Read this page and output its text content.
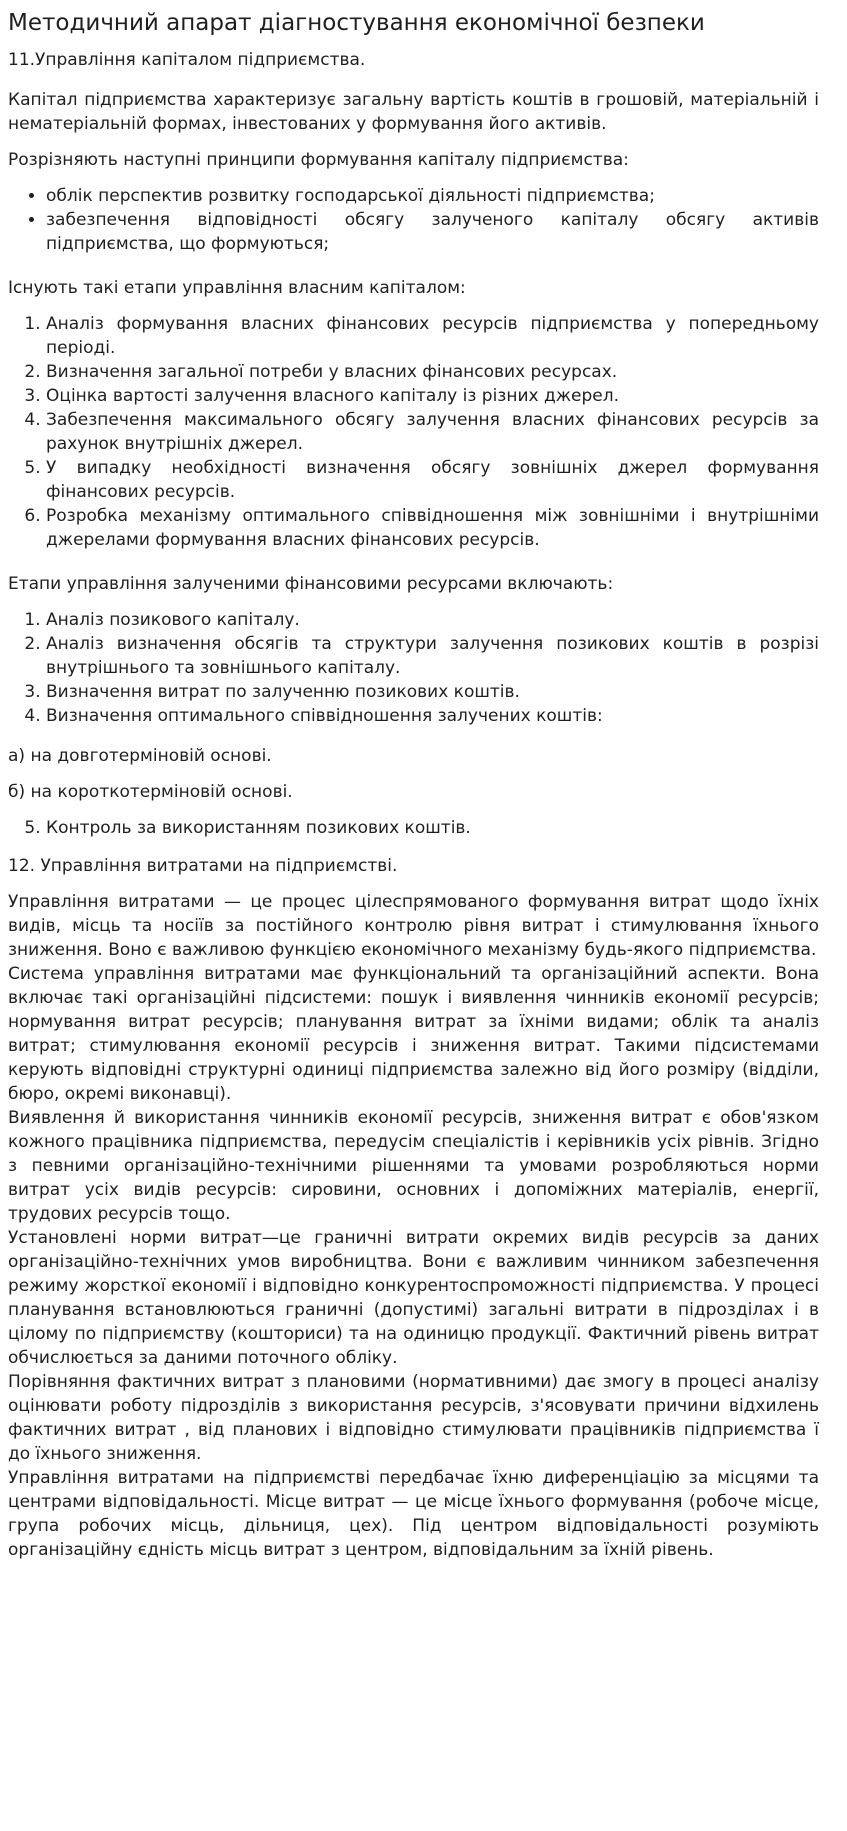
Методичний апарат діагностування економічної безпеки

11.Управління капіталом підприємства.

Капітал підприємства характеризує загальну вартість коштів в грошовій, матеріальній і нематеріальній формах, інвестованих у формування його активів.

Розрізняють наступні принципи формування капіталу підприємства:

• облік перспектив розвитку господарської діяльності підприємства;
• забезпечення відповідності обсягу залученого капіталу обсягу активів підприємства, що формуються;

Існують такі етапи управління власним капіталом:

1. Аналіз формування власних фінансових ресурсів підприємства у попередньому періоді.
2. Визначення загальної потреби у власних фінансових ресурсах.
3. Оцінка вартості залучення власного капіталу із різних джерел.
4. Забезпечення максимального обсягу залучення власних фінансових ресурсів за рахунок внутрішніх джерел.
5. У випадку необхідності визначення обсягу зовнішніх джерел формування фінансових ресурсів.
6. Розробка механізму оптимального співвідношення між зовнішніми і внутрішніми джерелами формування власних фінансових ресурсів.

Етапи управління залученими фінансовими ресурсами включають:

1. Аналіз позикового капіталу.
2. Аналіз визначення обсягів та структури залучення позикових коштів в розрізі внутрішнього та зовнішнього капіталу.
3. Визначення витрат по залученню позикових коштів.
4. Визначення оптимального співвідношення залучених коштів:

а) на довготерміновій основі.

б) на короткотерміновій основі.

5. Контроль за використанням позикових коштів.

12. Управління витратами на підприємстві.

Управління витратами — це процес цілеспрямованого формування витрат щодо їхніх видів, місць та носіїв за постійного контролю рівня витрат і стимулювання їхнього зниження. Воно є важливою функцією економічного механізму будь-якого підприємства.

Система управління витратами має функціональний та організаційний аспекти. Вона включає такі організаційні підсистеми: пошук і виявлення чинників економії ресурсів; нормування витрат ресурсів; планування витрат за їхніми видами; облік та аналіз витрат; стимулювання економії ресурсів і зниження витрат. Такими підсистемами керують відповідні структурні одиниці підприємства залежно від його розміру (відділи, бюро, окремі виконавці).

Виявлення й використання чинників економії ресурсів, зниження витрат є обов'язком кожного працівника підприємства, передусім спеціалістів і керівників усіх рівнів. Згідно з певними організаційно-технічними рішеннями та умовами розробляються норми витрат усіх видів ресурсів: сировини, основних і допоміжних матеріалів, енергії, трудових ресурсів тощо.

Установлені норми витрат—це граничні витрати окремих видів ресурсів за даних організаційно-технічних умов виробництва. Вони є важливим чинником забезпечення режиму жорсткої економії і відповідно конкурентоспроможності підприємства. У процесі планування встановлюються граничні (допустимі) загальні витрати в підрозділах і в цілому по підприємству (кошториси) та на одиницю продукції. Фактичний рівень витрат обчислюється за даними поточного обліку.

Порівняння фактичних витрат з плановими (нормативними) дає змогу в процесі аналізу оцінювати роботу підрозділів з використання ресурсів, з'ясовувати причини відхилень фактичних витрат , від планових і відповідно стимулювати працівників підприємства ї до їхнього зниження.

Управління витратами на підприємстві передбачає їхню диференціацію за місцями та центрами відповідальності. Місце витрат — це місце їхнього формування (робоче місце, група робочих місць, дільниця, цех). Під центром відповідальності розуміють організаційну єдність місць витрат з центром, відповідальним за їхній рівень.
